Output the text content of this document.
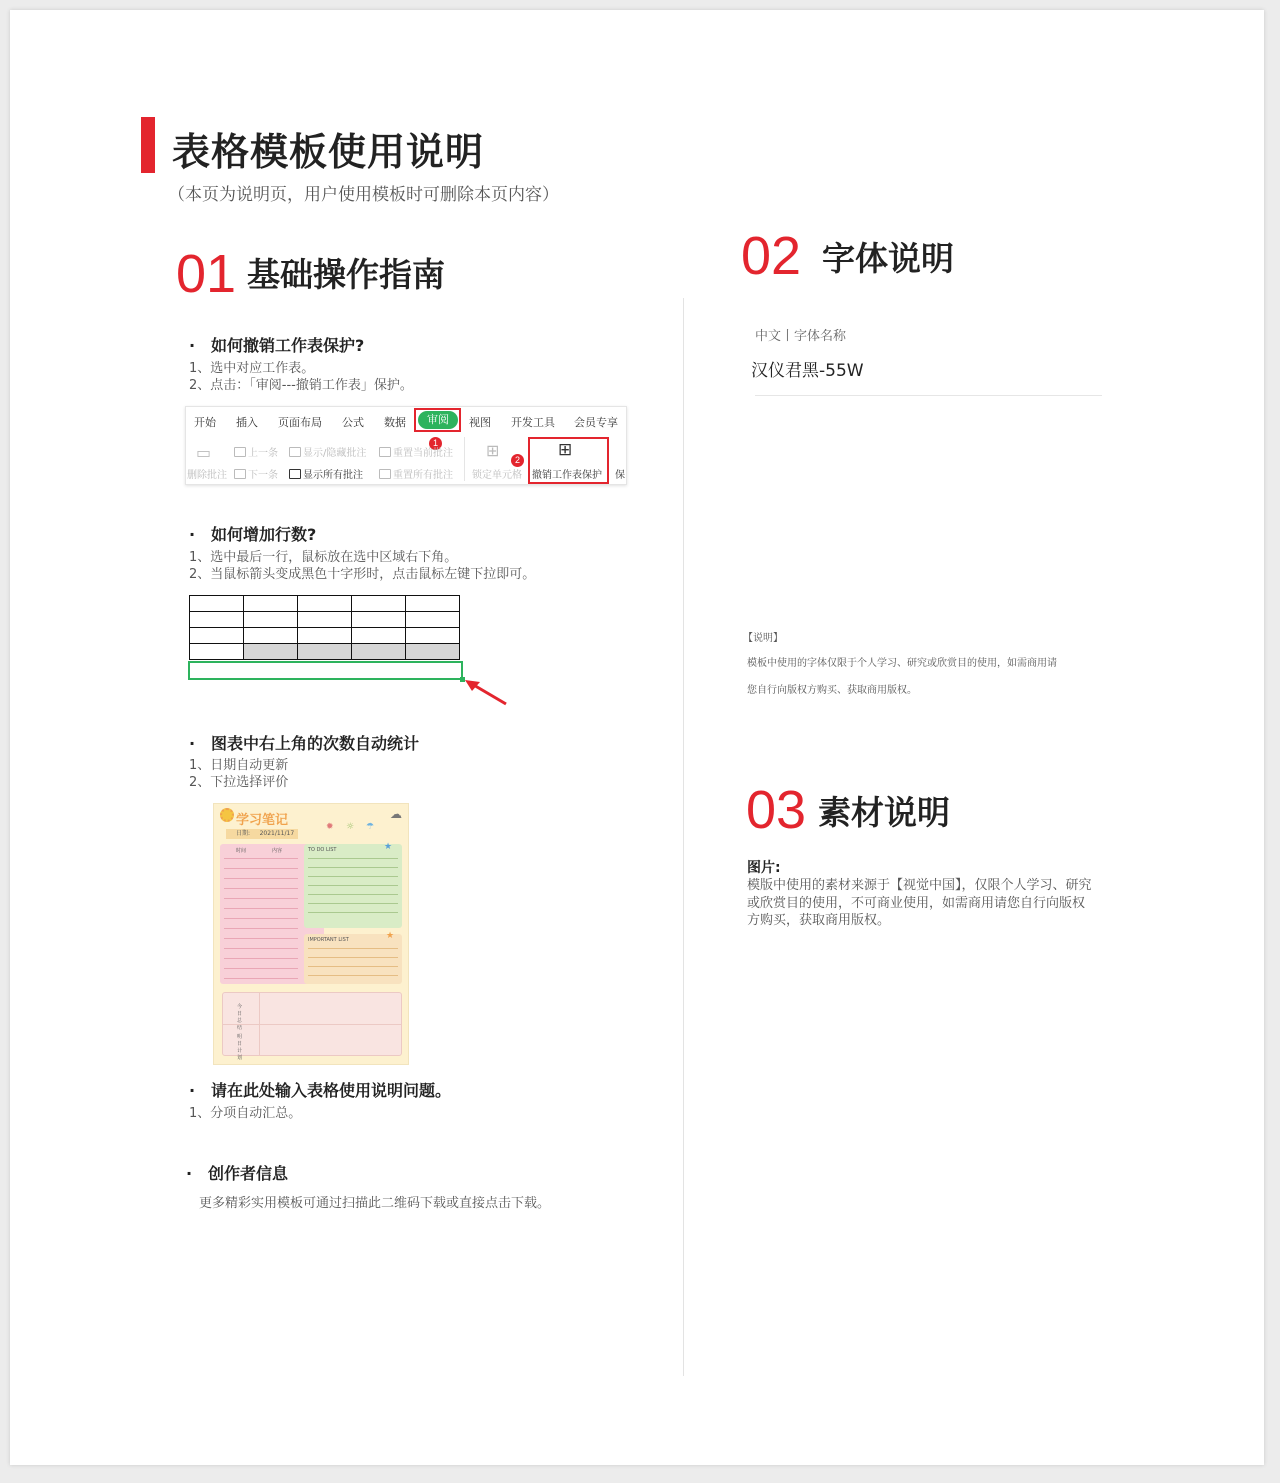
表格模板使用说明
（本页为说明页，用户使用模板时可删除本页内容）
01 基础操作指南
· 如何撤销工作表保护?
1、选中对应工作表。
2、点击：「审阅---撤销工作表」保护。
开始 插入 页面布局 公式 数据	审阅	视图 开发工具 会员专享
1
▭
删除批注
上一条
下一条
显示/隐藏批注
显示所有批注
重置当前批注
重置所有批注
⊞
锁定单元格
2 ⊞
撤销工作表保护 保
· 如何增加行数?
1、选中最后一行，鼠标放在选中区域右下角。
2、当鼠标箭头变成黑色十字形时，点击鼠标左键下拉即可。

· 图表中右上角的次数自动统计
1、日期自动更新
2、下拉选择评价
学习笔记
日期: 2021/11/17
✹ ☼ ☂
☁
时间	内容	TO DO LIST	★
IMPORTANT LIST	★
今日总结
明日计划
· 请在此处输入表格使用说明问题。
1、分项自动汇总。
· 创作者信息
更多精彩实用模板可通过扫描此二维码下载或直接点击下载。
02 字体说明
中文丨字体名称
汉仪君黑-55W
【说明】
模板中使用的字体仅限于个人学习、研究或欣赏目的使用，如需商用请
您自行向版权方购买、获取商用版权。
03 素材说明
图片:
模版中使用的素材来源于【视觉中国】，仅限个人学习、研究或欣赏目的使用，不可商业使用，如需商用请您自行向版权方购买，获取商用版权。
